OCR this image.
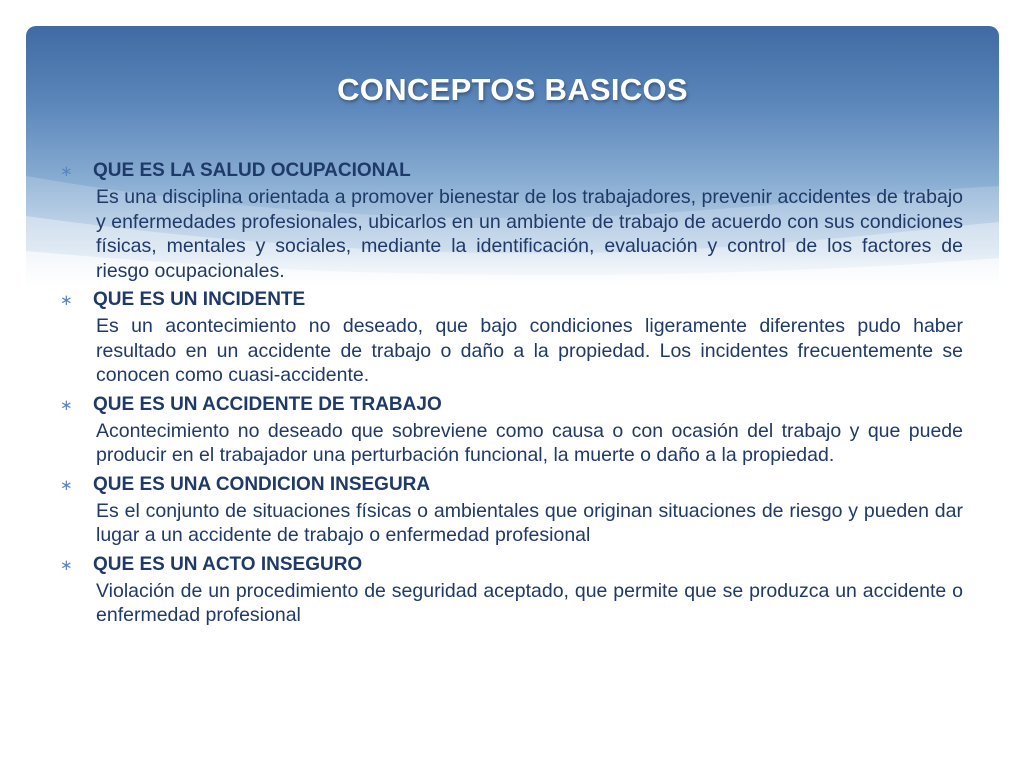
CONCEPTOS BASICOS
∗	QUE ES LA SALUD OCUPACIONAL
Es una disciplina orientada a promover bienestar de los trabajadores, prevenir accidentes de trabajo y enfermedades profesionales, ubicarlos en un ambiente de trabajo de acuerdo con sus condiciones físicas, mentales y sociales, mediante la identificación, evaluación y control de los factores de riesgo ocupacionales.
∗	QUE ES UN INCIDENTE
Es un acontecimiento no deseado, que bajo condiciones ligeramente diferentes pudo haber resultado en un accidente de trabajo o daño a la propiedad. Los incidentes frecuentemente se conocen como cuasi-accidente.
∗	QUE ES UN ACCIDENTE DE TRABAJO
Acontecimiento no deseado que sobreviene como causa o con ocasión del trabajo y que puede producir en el trabajador una perturbación funcional, la muerte o daño a la propiedad.
∗	QUE ES UNA CONDICION INSEGURA
Es el conjunto de situaciones físicas o ambientales que originan situaciones de riesgo y pueden dar lugar a un accidente de trabajo o enfermedad profesional
∗	QUE ES UN ACTO INSEGURO
Violación de un procedimiento de seguridad aceptado, que permite que se produzca un accidente o enfermedad profesional
